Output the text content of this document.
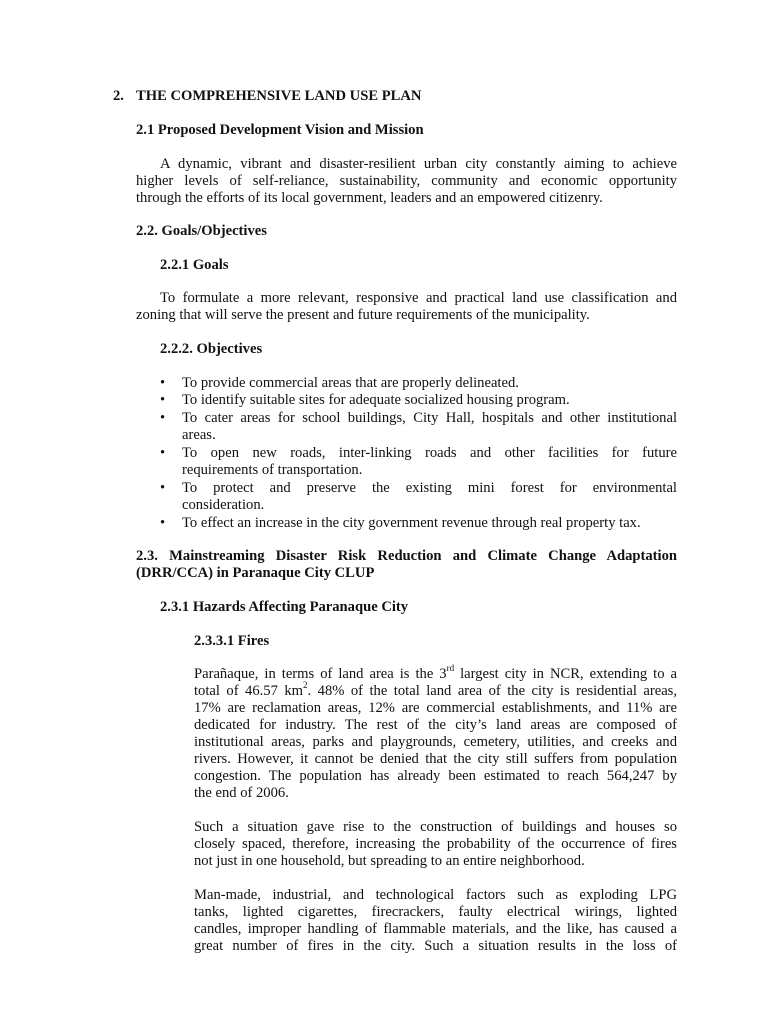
2. THE COMPREHENSIVE LAND USE PLAN
2.1 Proposed Development Vision and Mission
A dynamic, vibrant and disaster-resilient urban city constantly aiming to achieve
higher levels of self-reliance, sustainability, community and economic opportunity
through the efforts of its local government, leaders and an empowered citizenry.
2.2. Goals/Objectives
2.2.1 Goals
To formulate a more relevant, responsive and practical land use classification and
zoning that will serve the present and future requirements of the municipality.
2.2.2. Objectives
•	To provide commercial areas that are properly delineated.
•	To identify suitable sites for adequate socialized housing program.
•	To cater areas for school buildings, City Hall, hospitals and other institutional
areas.
•	To open new roads, inter-linking roads and other facilities for future
requirements of transportation.
•	To protect and preserve the existing mini forest for environmental
consideration.
•	To effect an increase in the city government revenue through real property tax.
2.3. Mainstreaming Disaster Risk Reduction and Climate Change Adaptation
(DRR/CCA) in Paranaque City CLUP
2.3.1 Hazards Affecting Paranaque City
2.3.3.1 Fires
Parañaque, in terms of land area is the 3rd largest city in NCR, extending to a
total of 46.57 $km^2$. 48% of the total land area of the city is residential areas,
17% are reclamation areas, 12% are commercial establishments, and 11% are
dedicated for industry. The rest of the city’s land areas are composed of
institutional areas, parks and playgrounds, cemetery, utilities, and creeks and
rivers. However, it cannot be denied that the city still suffers from population
congestion. The population has already been estimated to reach 564,247 by
the end of 2006.
Such a situation gave rise to the construction of buildings and houses so
closely spaced, therefore, increasing the probability of the occurrence of fires
not just in one household, but spreading to an entire neighborhood.
Man-made, industrial, and technological factors such as exploding LPG
tanks, lighted cigarettes, firecrackers, faulty electrical wirings, lighted
candles, improper handling of flammable materials, and the like, has caused a
great number of fires in the city. Such a situation results in the loss of
